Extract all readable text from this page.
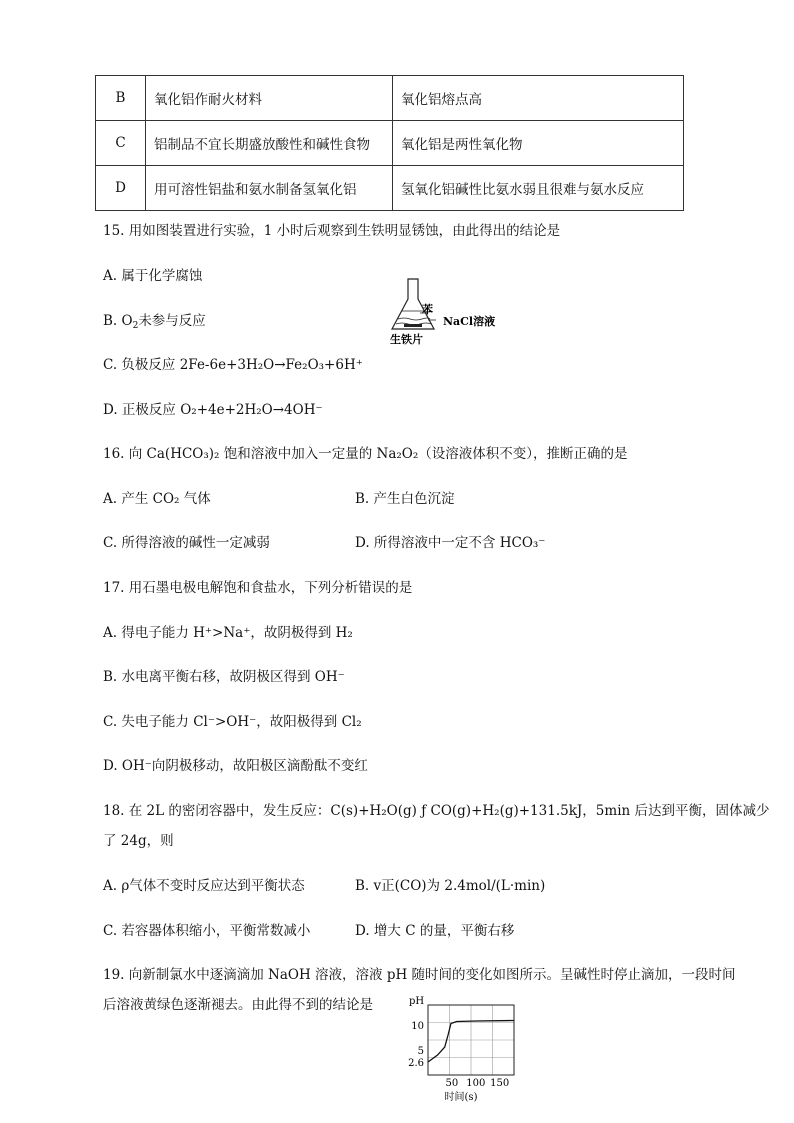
B	氧化铝作耐火材料	氧化铝熔点高
C	铝制品不宜长期盛放酸性和碱性食物	氧化铝是两性氧化物
D	用可溶性铝盐和氨水制备氢氧化铝	氢氧化铝碱性比氨水弱且很难与氨水反应
15. 用如图装置进行实验，1 小时后观察到生铁明显锈蚀，由此得出的结论是
A. 属于化学腐蚀
B. $O_2$未参与反应
C. 负极反应 2Fe-6e+3H₂O→Fe₂O₃+6H⁺
D. 正极反应 O₂+4e+2H₂O→4OH⁻
苯
NaCl溶液
生铁片
16. 向 Ca(HCO₃)₂ 饱和溶液中加入一定量的 Na₂O₂（设溶液体积不变），推断正确的是
A. 产生 CO₂ 气体	B. 产生白色沉淀
C. 所得溶液的碱性一定减弱	D. 所得溶液中一定不含 HCO₃⁻
17. 用石墨电极电解饱和食盐水，下列分析错误的是
A. 得电子能力 H⁺>Na⁺，故阴极得到 H₂
B. 水电离平衡右移，故阴极区得到 OH⁻
C. 失电子能力 Cl⁻>OH⁻，故阳极得到 Cl₂
D. OH⁻向阴极移动，故阳极区滴酚酞不变红
18. 在 2L 的密闭容器中，发生反应：C(s)+H₂O(g) ƒ CO(g)+H₂(g)+131.5kJ，5min 后达到平衡，固体减少
了 24g，则
A. ρ气体不变时反应达到平衡状态	B. v正(CO)为 2.4mol/(L·min)
C. 若容器体积缩小，平衡常数减小	D. 增大 C 的量，平衡右移
19. 向新制氯水中逐滴滴加 NaOH 溶液，溶液 pH 随时间的变化如图所示。呈碱性时停止滴加，一段时间
后溶液黄绿色逐渐褪去。由此得不到的结论是
2.6
5
10
50 100 150
pH
时间(s)
